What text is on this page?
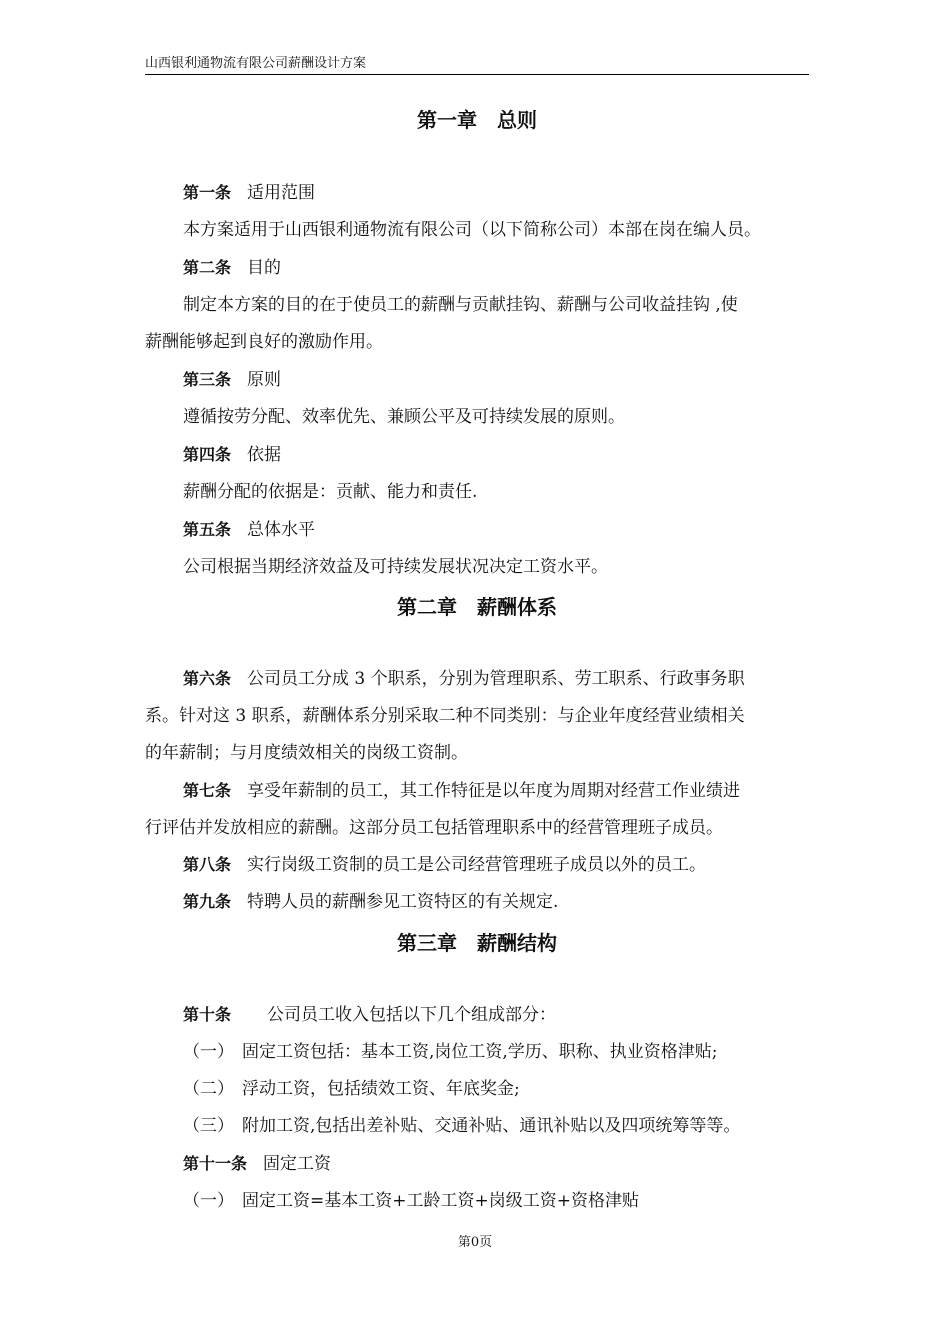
山西银利通物流有限公司薪酬设计方案
第一章　总则
第一条 适用范围
本方案适用于山西银利通物流有限公司（以下简称公司）本部在岗在编人员。
第二条 目的
制定本方案的目的在于使员工的薪酬与贡献挂钩、薪酬与公司收益挂钩 ,使
薪酬能够起到良好的激励作用。
第三条 原则
遵循按劳分配、效率优先、兼顾公平及可持续发展的原则。
第四条 依据
薪酬分配的依据是：贡献、能力和责任.
第五条 总体水平
公司根据当期经济效益及可持续发展状况决定工资水平。
第二章　薪酬体系
第六条 公司员工分成 3 个职系，分别为管理职系、劳工职系、行政事务职
系。针对这 3 职系，薪酬体系分别采取二种不同类别：与企业年度经营业绩相关
的年薪制；与月度绩效相关的岗级工资制。
第七条 享受年薪制的员工，其工作特征是以年度为周期对经营工作业绩进
行评估并发放相应的薪酬。这部分员工包括管理职系中的经营管理班子成员。
第八条 实行岗级工资制的员工是公司经营管理班子成员以外的员工。
第九条 特聘人员的薪酬参见工资特区的有关规定.
第三章　薪酬结构
第十条 公司员工收入包括以下几个组成部分：
（一） 固定工资包括：基本工资,岗位工资,学历、职称、执业资格津贴;
（二） 浮动工资，包括绩效工资、年底奖金;
（三） 附加工资,包括出差补贴、交通补贴、通讯补贴以及四项统筹等等。
第十一条 固定工资
（一） 固定工资=基本工资+工龄工资+岗级工资+资格津贴
第0页
